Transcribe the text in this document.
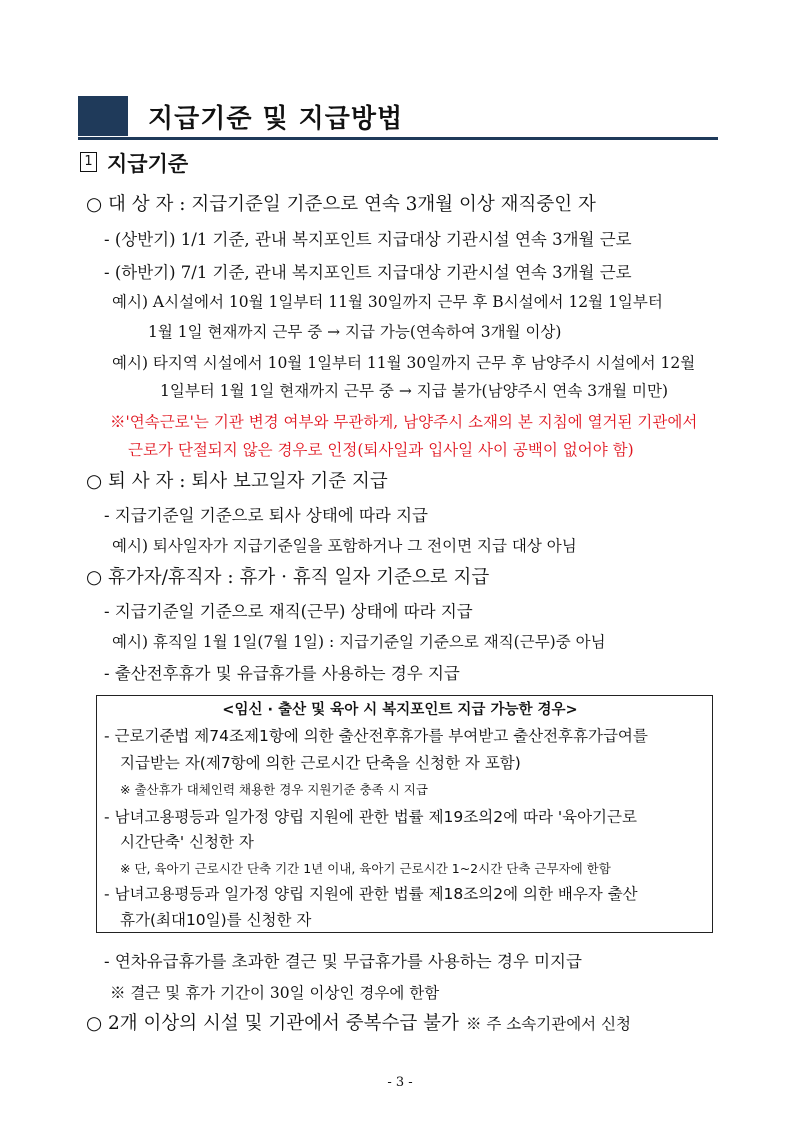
지급기준 및 지급방법
1 지급기준
○ 대 상 자 : 지급기준일 기준으로 연속 3개월 이상 재직중인 자
- (상반기) 1/1 기준, 관내 복지포인트 지급대상 기관시설 연속 3개월 근로
- (하반기) 7/1 기준, 관내 복지포인트 지급대상 기관시설 연속 3개월 근로
예시) A시설에서 10월 1일부터 11월 30일까지 근무 후 B시설에서 12월 1일부터
1월 1일 현재까지 근무 중 → 지급 가능(연속하여 3개월 이상)
예시) 타지역 시설에서 10월 1일부터 11월 30일까지 근무 후 남양주시 시설에서 12월
1일부터 1월 1일 현재까지 근무 중 → 지급 불가(남양주시 연속 3개월 미만)
※'연속근로'는 기관 변경 여부와 무관하게, 남양주시 소재의 본 지침에 열거된 기관에서
근로가 단절되지 않은 경우로 인정(퇴사일과 입사일 사이 공백이 없어야 함)
○ 퇴 사 자 : 퇴사 보고일자 기준 지급
- 지급기준일 기준으로 퇴사 상태에 따라 지급
예시) 퇴사일자가 지급기준일을 포함하거나 그 전이면 지급 대상 아님
○ 휴가자/휴직자 : 휴가 · 휴직 일자 기준으로 지급
- 지급기준일 기준으로 재직(근무) 상태에 따라 지급
예시) 휴직일 1월 1일(7월 1일) : 지급기준일 기준으로 재직(근무)중 아님
- 출산전후휴가 및 유급휴가를 사용하는 경우 지급
<임신 · 출산 및 육아 시 복지포인트 지급 가능한 경우>
- 근로기준법 제74조제1항에 의한 출산전후휴가를 부여받고 출산전후휴가급여를
지급받는 자(제7항에 의한 근로시간 단축을 신청한 자 포함)
※ 출산휴가 대체인력 채용한 경우 지원기준 충족 시 지급
- 남녀고용평등과 일가정 양립 지원에 관한 법률 제19조의2에 따라 '육아기근로
시간단축' 신청한 자
※ 단, 육아기 근로시간 단축 기간 1년 이내, 육아기 근로시간 1~2시간 단축 근무자에 한함
- 남녀고용평등과 일가정 양립 지원에 관한 법률 제18조의2에 의한 배우자 출산
휴가(최대10일)를 신청한 자
- 연차유급휴가를 초과한 결근 및 무급휴가를 사용하는 경우 미지급
※ 결근 및 휴가 기간이 30일 이상인 경우에 한함
○ 2개 이상의 시설 및 기관에서 중복수급 불가 ※ 주 소속기관에서 신청
- 3 -
